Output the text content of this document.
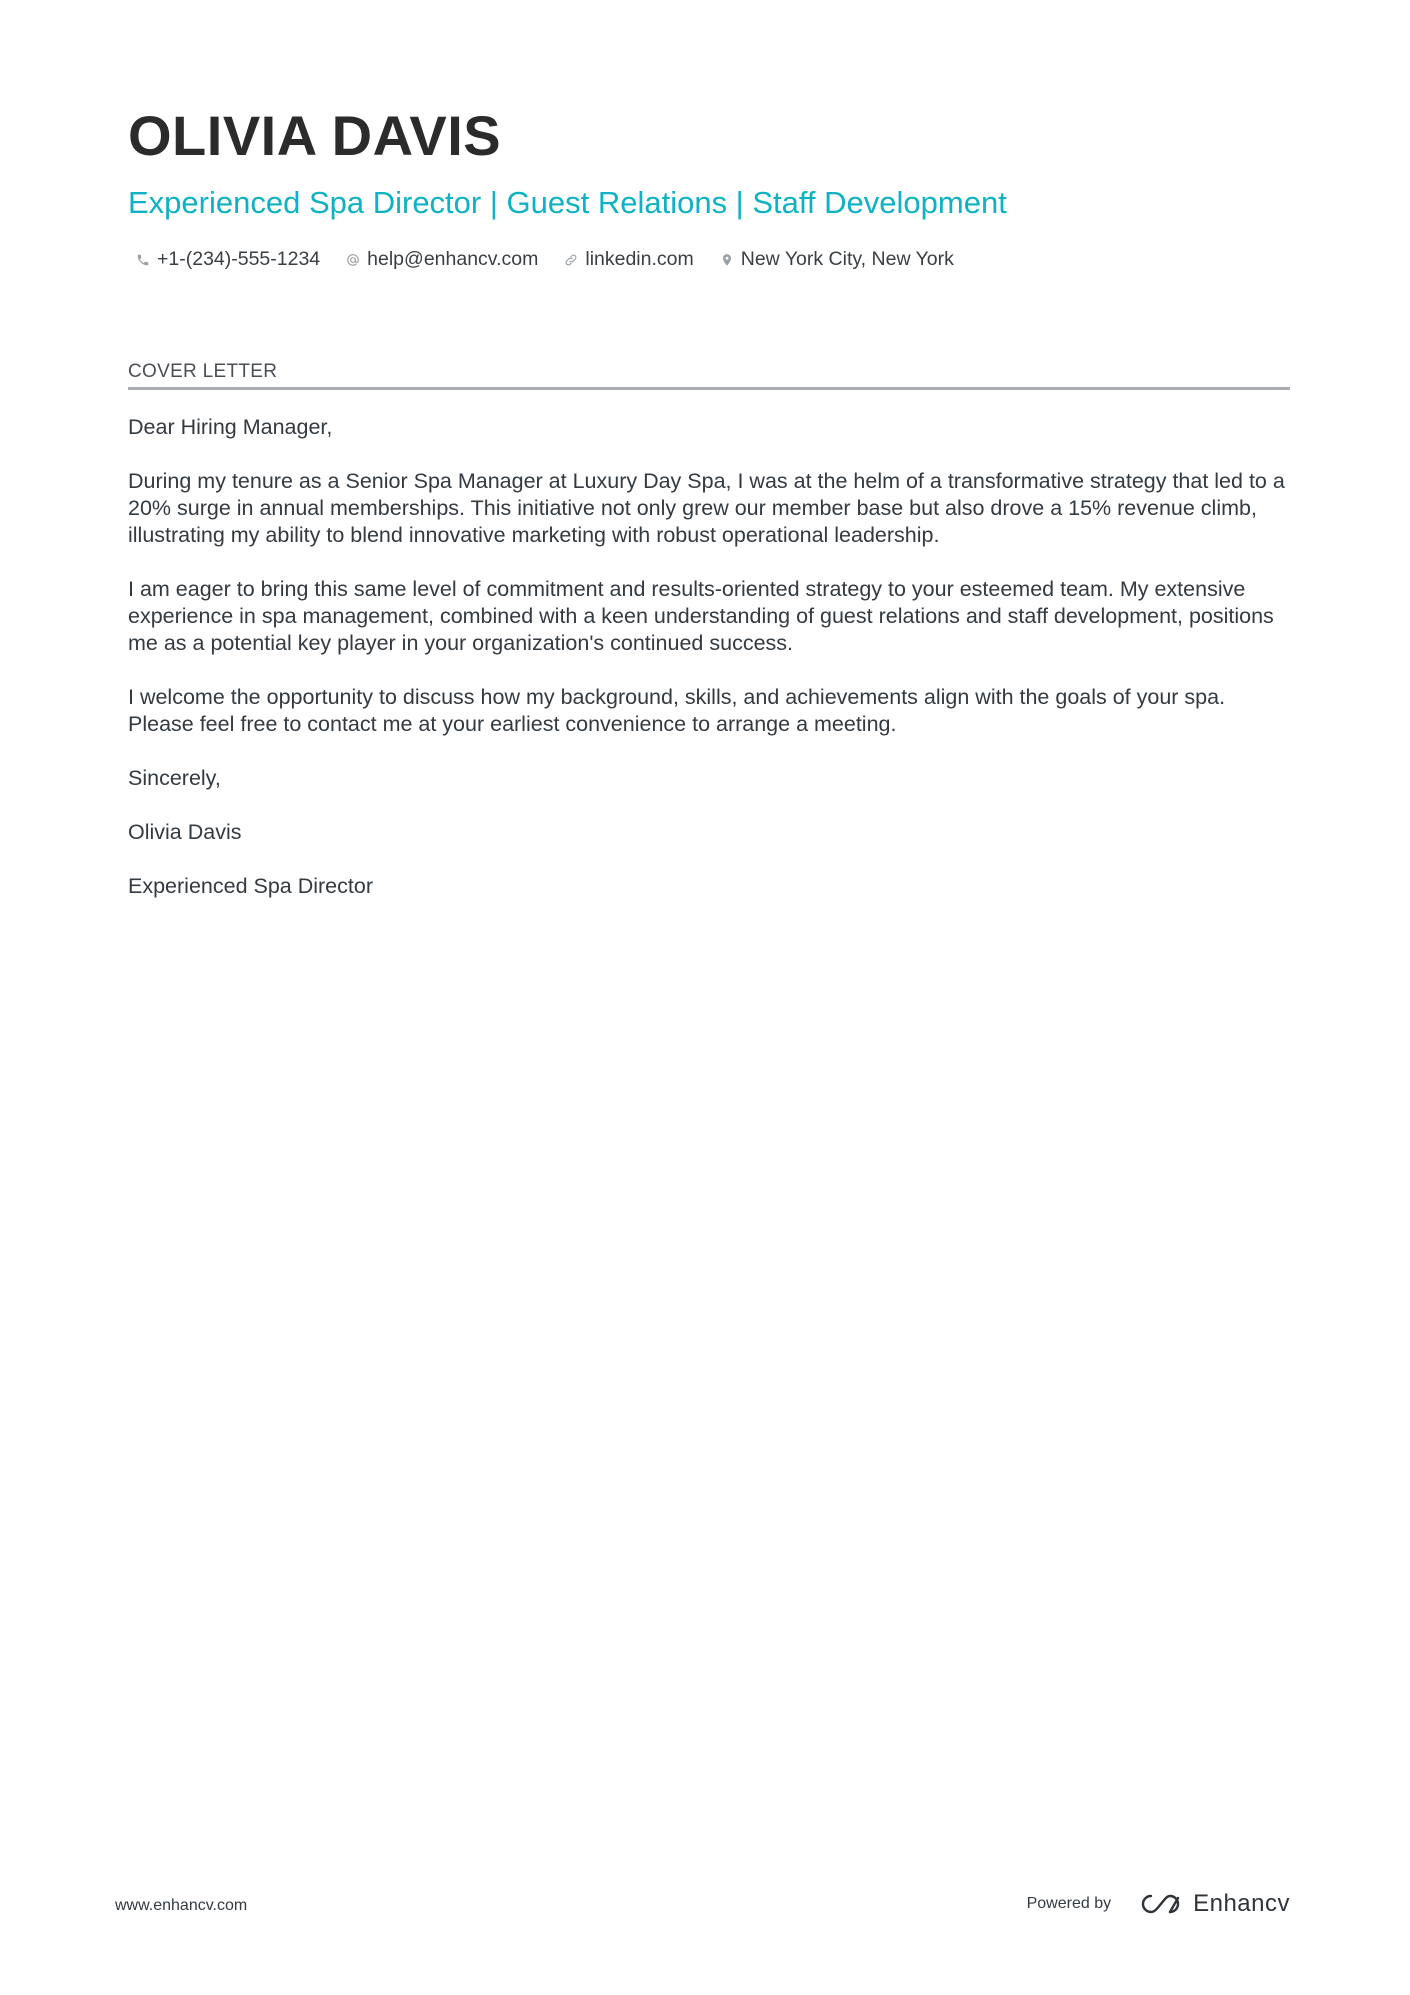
OLIVIA DAVIS
Experienced Spa Director | Guest Relations | Staff Development
+1-(234)-555-1234 help@enhancv.com linkedin.com New York City, New York
COVER LETTER

Dear Hiring Manager,

During my tenure as a Senior Spa Manager at Luxury Day Spa, I was at the helm of a transformative strategy that led to a 20% surge in annual memberships. This initiative not only grew our member base but also drove a 15% revenue climb, illustrating my ability to blend innovative marketing with robust operational leadership.

I am eager to bring this same level of commitment and results-oriented strategy to your esteemed team. My extensive experience in spa management, combined with a keen understanding of guest relations and staff development, positions me as a potential key player in your organization's continued success.

I welcome the opportunity to discuss how my background, skills, and achievements align with the goals of your spa. Please feel free to contact me at your earliest convenience to arrange a meeting.

Sincerely,

Olivia Davis

Experienced Spa Director

www.enhancv.com	Powered by	Enhancv
